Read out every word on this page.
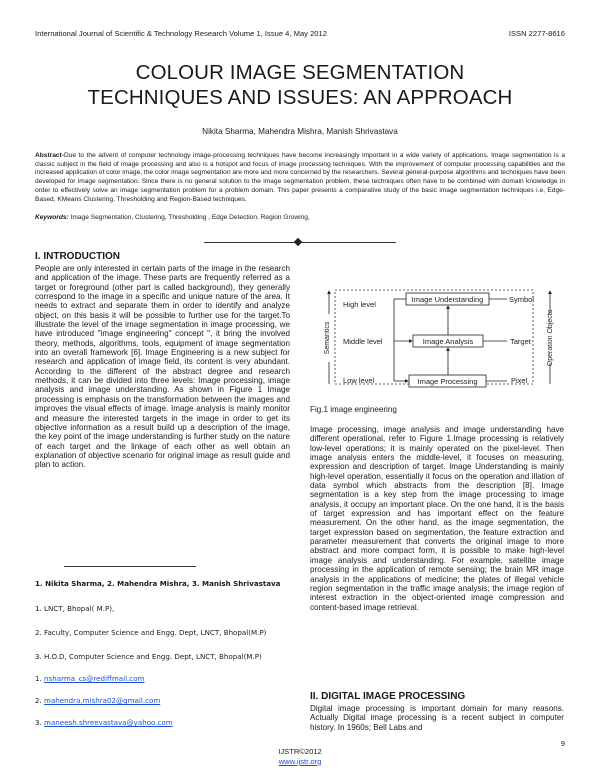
International Journal of Scientific & Technology Research Volume 1, Issue 4, May 2012	ISSN 2277-8616
COLOUR IMAGE SEGMENTATION
TECHNIQUES AND ISSUES: AN APPROACH
Nikita Sharma, Mahendra Mishra, Manish Shrivastava
Abstract-Due to the advent of computer technology image-processing techniques have become increasingly important in a wide variety of applications. Image segmentation is a classic subject in the field of image processing and also is a hotspot and focus of image processing techniques. With the improvement of computer processing capabilities and the increased application of color image, the color image segmentation are more and more concerned by the researchers. Several general-purpose algorithms and techniques have been developed for image segmentation. Since there is no general solution to the image segmentation problem, these techniques often have to be combined with domain knowledge in order to effectively solve an image segmentation problem for a problem domain. This paper presents a comparative study of the basic image segmentation techniques i.e, Edge-Based, KMeans Clustering, Thresholding and Region-Based techniques.
Keywords: Image Segmentation, Clustering, Thresholding , Edge Detection, Region Growing,
I. INTRODUCTION
People are only interested in certain parts of the image in the research and application of the image. These parts are frequently referred as a target or foreground (other part is called background), they generally correspond to the image in a specific and unique nature of the area. It needs to extract and separate them in order to identify and analyze object, on this basis it will be possible to further use for the target.To illustrate the level of the image segmentation in image processing, we have introduced "image engineering" concept ", it bring the involved theory, methods, algorithms, tools, equipment of image segmentation into an overall framework [6]. Image Engineering is a new subject for research and application of image field, its content is very abundant. According to the different of the abstract degree and research methods, it can be divided into three levels: Image processing, image analysis and image understanding. As shown in Figure 1 Image processing is emphasis on the transformation between the images and improves the visual effects of image. Image analysis is mainly monitor and measure the interested targets in the image in order to get its objective information as a result build up a description of the image, the key point of the image understanding is further study on the nature of each target and the linkage of each other as well obtain an explanation of objective scenario for original image as result guide and plan to action.
1. Nikita Sharma, 2. Mahendra Mishra, 3. Manish Shrivastava
1. LNCT, Bhopal( M.P),
2. Faculty, Computer Science and Engg. Dept, LNCT, Bhopal(M.P)
3. H.O.D, Computer Science and Engg. Dept, LNCT, Bhopal(M.P)
1. nsharma_cs@rediffmail.com
2. mahendra.mishra02@gmail.com
3. maneesh.shreevastava@yahoo.com
Semantics
High level
Middle level
Low level
Image Understanding
Image Analysis
Image Processing
Symbol
Target
Pixel
Operation Objects
Fig.1 image engineering
Image processing, image analysis and image understanding have different operational, refer to Figure 1.Image processing is relatively low-level operations; it is mainly operated on the pixel-level. Then image analysis enters the middle-level, it focuses on measuring, expression and description of target. Image Understanding is mainly high-level operation, essentially it focus on the operation and illation of data symbol which abstracts from the description [8]. Image segmentation is a key step from the image processing to image analysis, it occupy an important place. On the one hand, it is the basis of target expression and has important effect on the feature measurement. On the other hand, as the image segmentation, the target expression based on segmentation, the feature extraction and parameter measurement that converts the original image to more abstract and more compact form, it is possible to make high-level image analysis and understanding. For example, satellite image processing in the application of remote sensing; the brain MR image analysis in the applications of medicine; the plates of illegal vehicle region segmentation in the traffic image analysis; the image region of interest extraction in the object-oriented image compression and content-based image retrieval.
II. DIGITAL IMAGE PROCESSING
Digital image processing is important domain for many reasons. Actually Digital image processing is a recent subject in computer history. In 1960s; Bell Labs and
9
IJSTR©2012
www.ijstr.org
